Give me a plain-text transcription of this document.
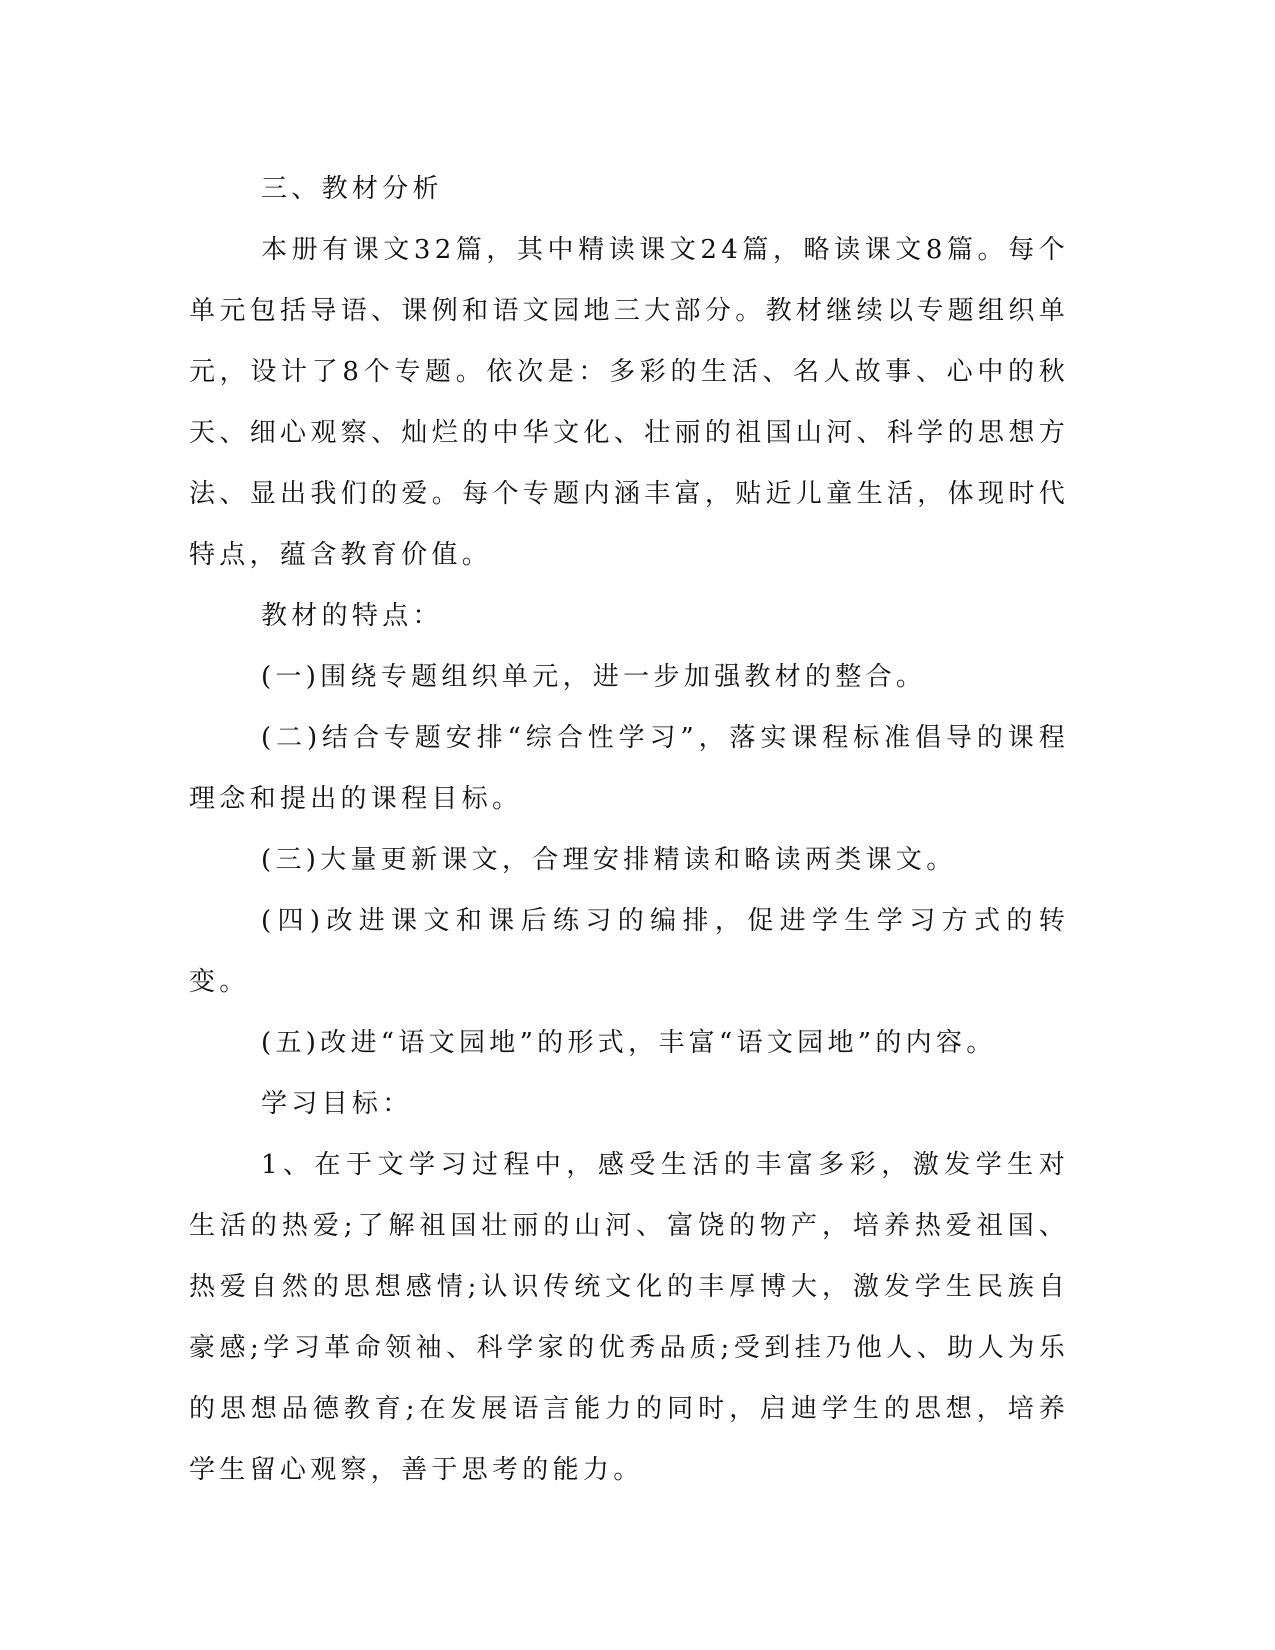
三、教材分析

本册有课文32篇，其中精读课文24篇，略读课文8篇。每个单元包括导语、课例和语文园地三大部分。教材继续以专题组织单元，设计了8个专题。依次是：多彩的生活、名人故事、心中的秋天、细心观察、灿烂的中华文化、壮丽的祖国山河、科学的思想方法、显出我们的爱。每个专题内涵丰富，贴近儿童生活，体现时代特点，蕴含教育价值。

教材的特点：

(一)围绕专题组织单元，进一步加强教材的整合。

(二)结合专题安排“综合性学习”，落实课程标准倡导的课程理念和提出的课程目标。

(三)大量更新课文，合理安排精读和略读两类课文。

(四)改进课文和课后练习的编排，促进学生学习方式的转变。

(五)改进“语文园地”的形式，丰富“语文园地”的内容。

学习目标：

1、在于文学习过程中，感受生活的丰富多彩，激发学生对生活的热爱;了解祖国壮丽的山河、富饶的物产，培养热爱祖国、热爱自然的思想感情;认识传统文化的丰厚博大，激发学生民族自豪感;学习革命领袖、科学家的优秀品质;受到挂乃他人、助人为乐的思想品德教育;在发展语言能力的同时，启迪学生的思想，培养学生留心观察，善于思考的能力。
